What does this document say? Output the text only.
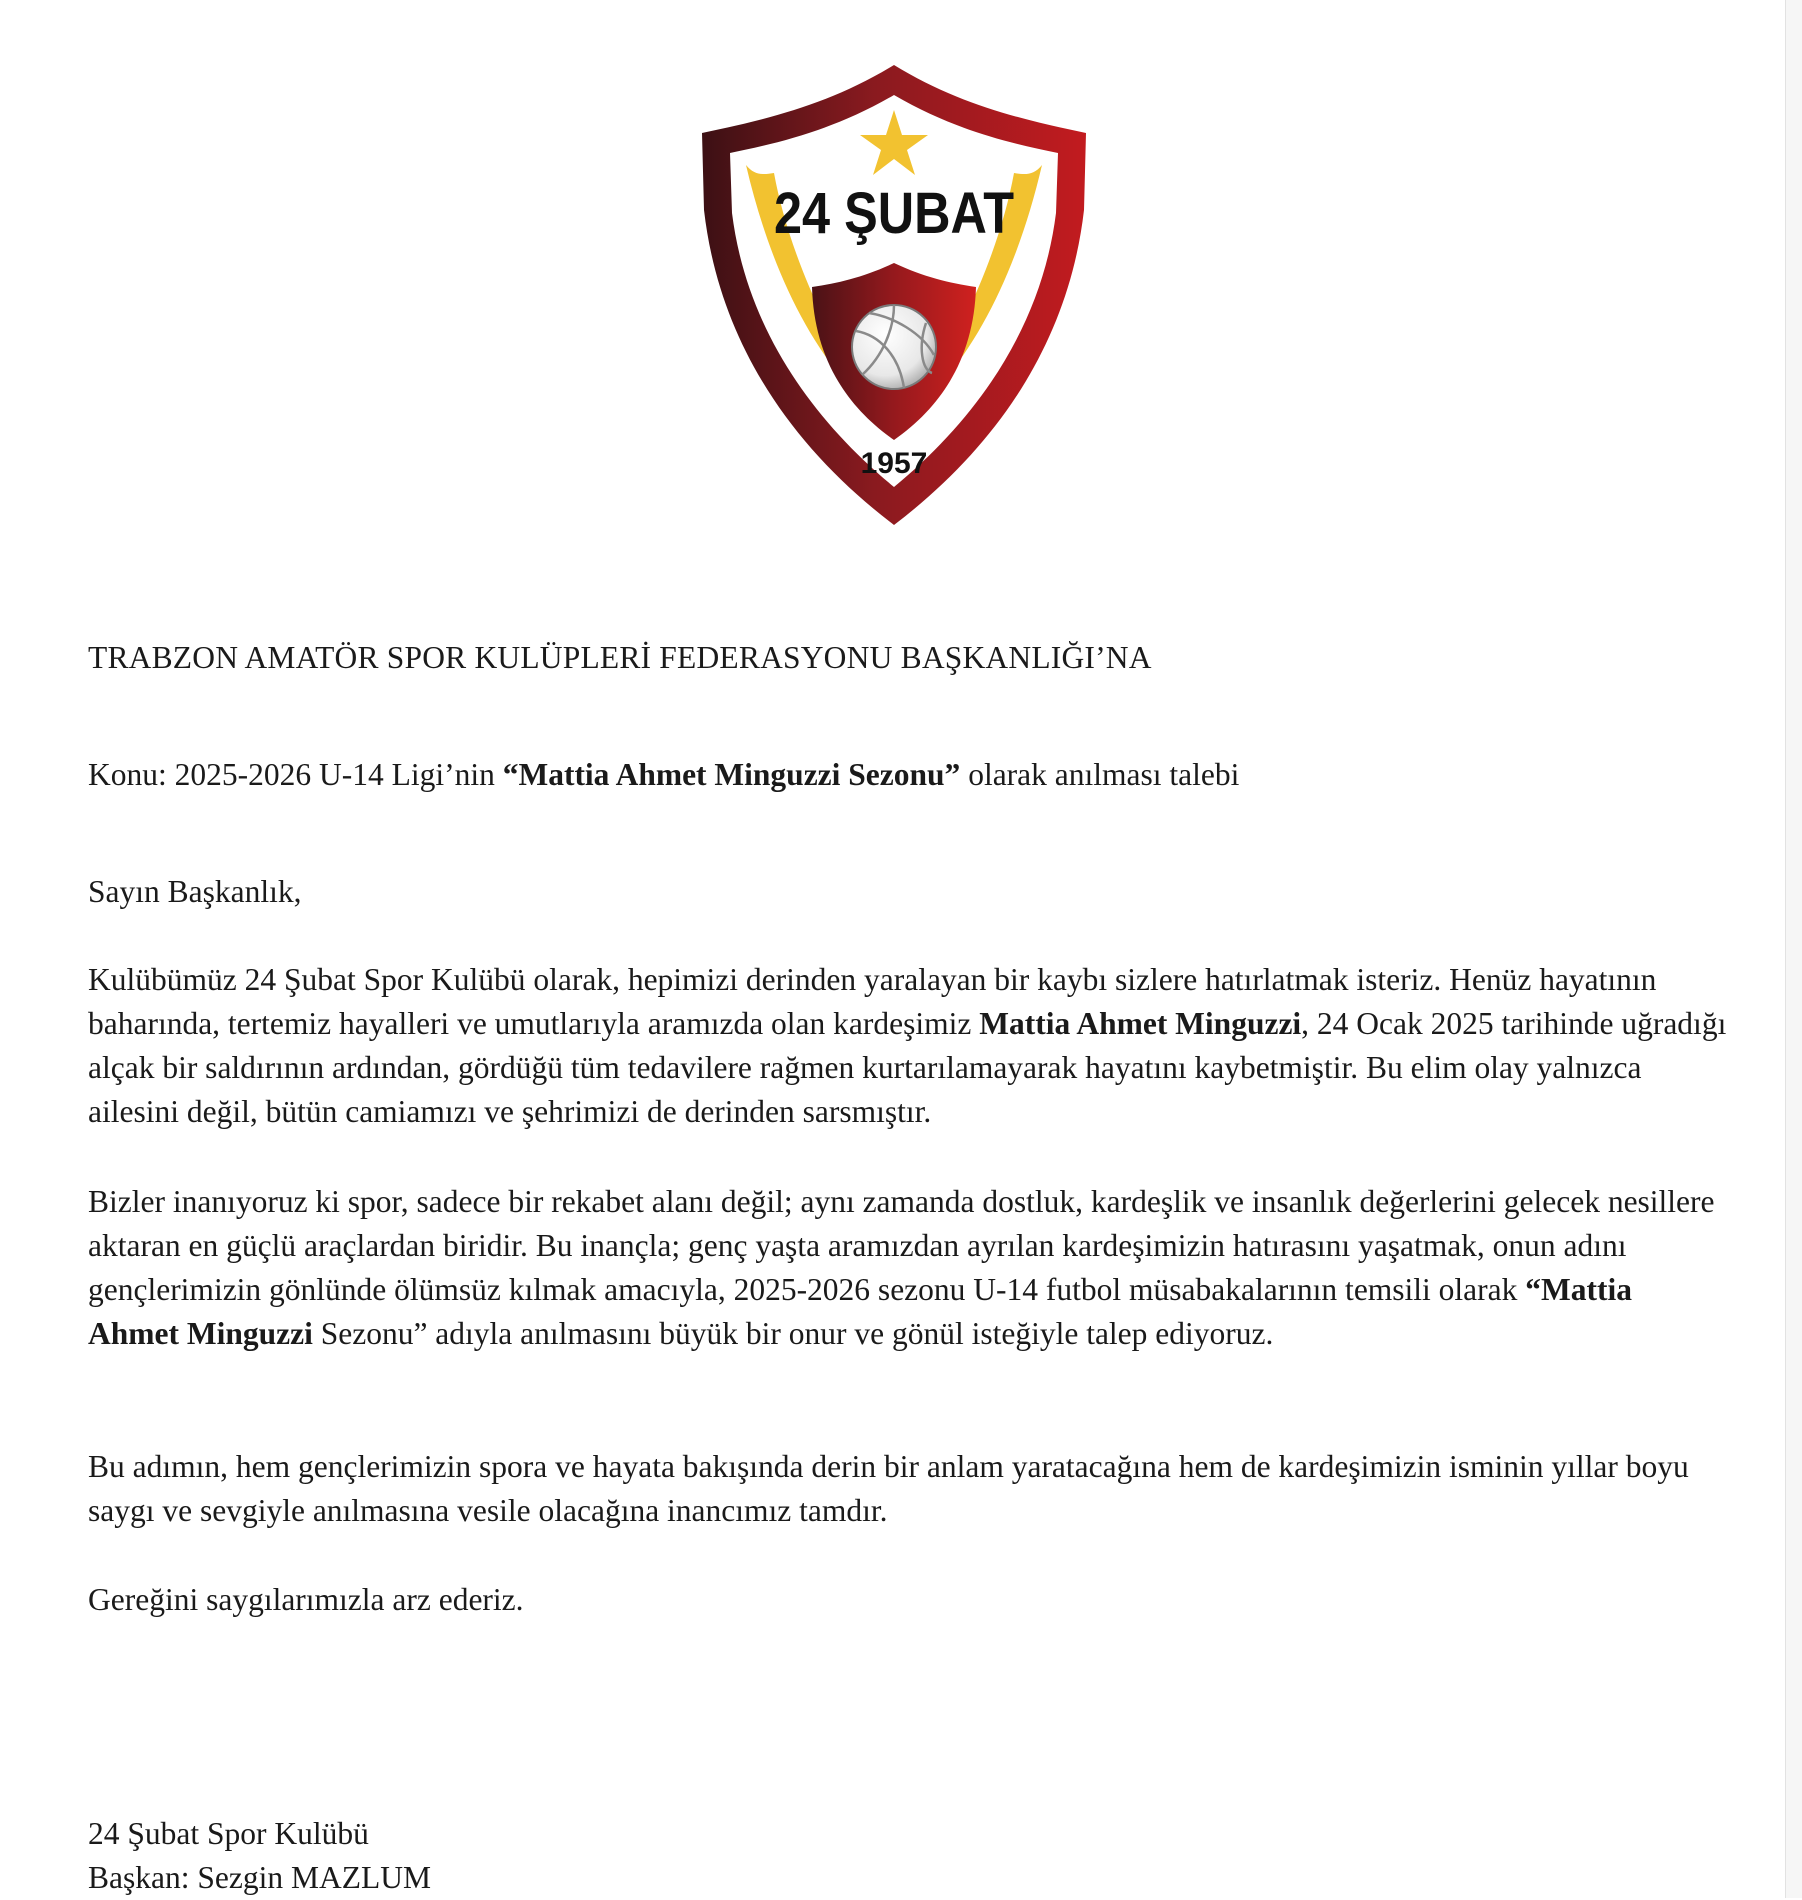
24 ŞUBAT
1957
TRABZON AMATÖR SPOR KULÜPLERİ FEDERASYONU BAŞKANLIĞI’NA
Konu: 2025-2026 U-14 Ligi’nin “Mattia Ahmet Minguzzi Sezonu” olarak anılması talebi
Sayın Başkanlık,

Kulübümüz 24 Şubat Spor Kulübü olarak, hepimizi derinden yaralayan bir kaybı sizlere hatırlatmak isteriz. Henüz hayatının baharında, tertemiz hayalleri ve umutlarıyla aramızda olan kardeşimiz Mattia Ahmet Minguzzi, 24 Ocak 2025 tarihinde uğradığı alçak bir saldırının ardından, gördüğü tüm tedavilere rağmen kurtarılamayarak hayatını kaybetmiştir. Bu elim olay yalnızca ailesini değil, bütün camiamızı ve şehrimizi de derinden sarsmıştır.

Bizler inanıyoruz ki spor, sadece bir rekabet alanı değil; aynı zamanda dostluk, kardeşlik ve insanlık değerlerini gelecek nesillere aktaran en güçlü araçlardan biridir. Bu inançla; genç yaşta aramızdan ayrılan kardeşimizin hatırasını yaşatmak, onun adını gençlerimizin gönlünde ölümsüz kılmak amacıyla, 2025-2026 sezonu U-14 futbol müsabakalarının temsili olarak “Mattia Ahmet Minguzzi Sezonu” adıyla anılmasını büyük bir onur ve gönül isteğiyle talep ediyoruz.

Bu adımın, hem gençlerimizin spora ve hayata bakışında derin bir anlam yaratacağına hem de kardeşimizin isminin yıllar boyu saygı ve sevgiyle anılmasına vesile olacağına inancımız tamdır.

Gereğini saygılarımızla arz ederiz.
24 Şubat Spor Kulübü
Başkan: Sezgin MAZLUM
